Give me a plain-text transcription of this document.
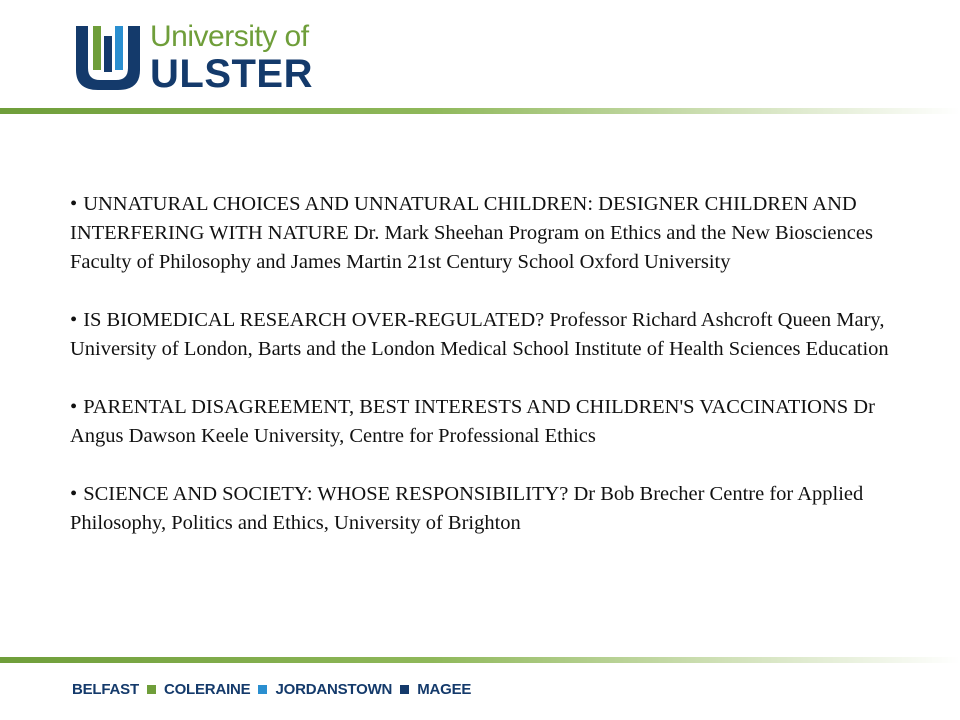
University of
ULSTER

• UNNATURAL CHOICES AND UNNATURAL CHILDREN: DESIGNER CHILDREN AND INTERFERING WITH NATURE Dr. Mark Sheehan Program on Ethics and the New Biosciences Faculty of Philosophy and James Martin 21st Century School Oxford University

• IS BIOMEDICAL RESEARCH OVER-REGULATED? Professor Richard Ashcroft Queen Mary, University of London, Barts and the London Medical School Institute of Health Sciences Education

• PARENTAL DISAGREEMENT, BEST INTERESTS AND CHILDREN'S VACCINATIONS Dr Angus Dawson Keele University, Centre for Professional Ethics

• SCIENCE AND SOCIETY: WHOSE RESPONSIBILITY? Dr Bob Brecher Centre for Applied Philosophy, Politics and Ethics, University of Brighton

BELFAST COLERAINE JORDANSTOWN MAGEE
